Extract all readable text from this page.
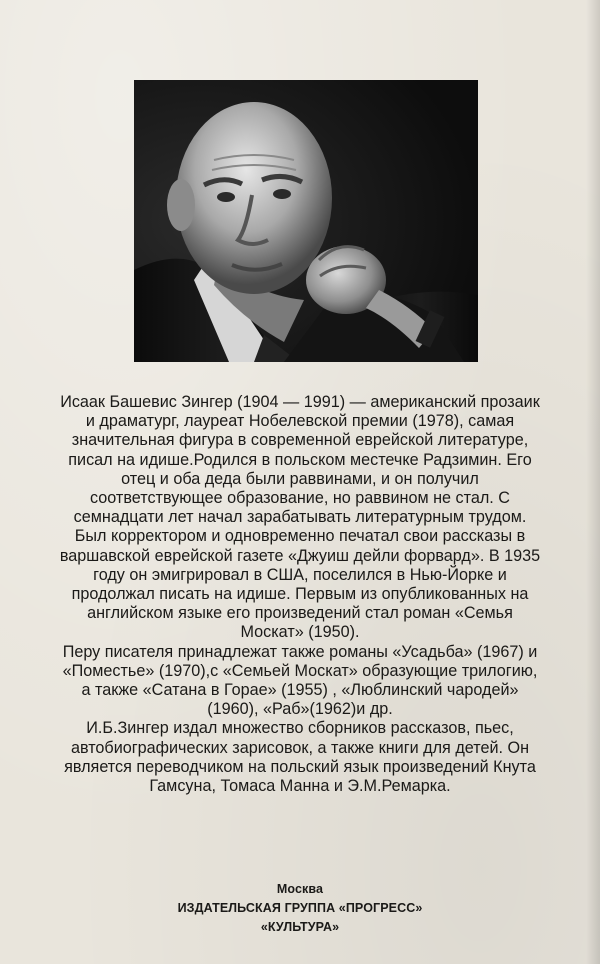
Исаак Башевис Зингер (1904 — 1991) — американский прозаик и драматург, лауреат Нобелевской премии (1978), самая значительная фигура в современной еврейской литературе, писал на идише.Родился в польском местечке Радзимин. Его отец и оба деда были раввинами, и он получил соответствующее образование, но раввином не стал. С семнадцати лет начал зарабатывать литературным трудом. Был корректором и одновременно печатал свои рассказы в варшавской еврейской газете «Джуиш дейли форвард». В 1935 году он эмигрировал в США, поселился в Нью-Йорке и продолжал писать на идише. Первым из опубликованных на английском языке его произведений стал роман «Семья Москат» (1950).

Перу писателя принадлежат также романы «Усадьба» (1967) и «Поместье» (1970),с «Семьей Москат» образующие трилогию, а также «Сатана в Горае» (1955) , «Люблинский чародей» (1960), «Раб»(1962)и др.

И.Б.Зингер издал множество сборников рассказов, пьес, автобиографических зарисовок, а также книги для детей. Он является переводчиком на польский язык произведений Кнута Гамсуна, Томаса Манна и Э.М.Ремарка.

Москва
ИЗДАТЕЛЬСКАЯ ГРУППА «ПРОГРЕСС»
«КУЛЬТУРА»
